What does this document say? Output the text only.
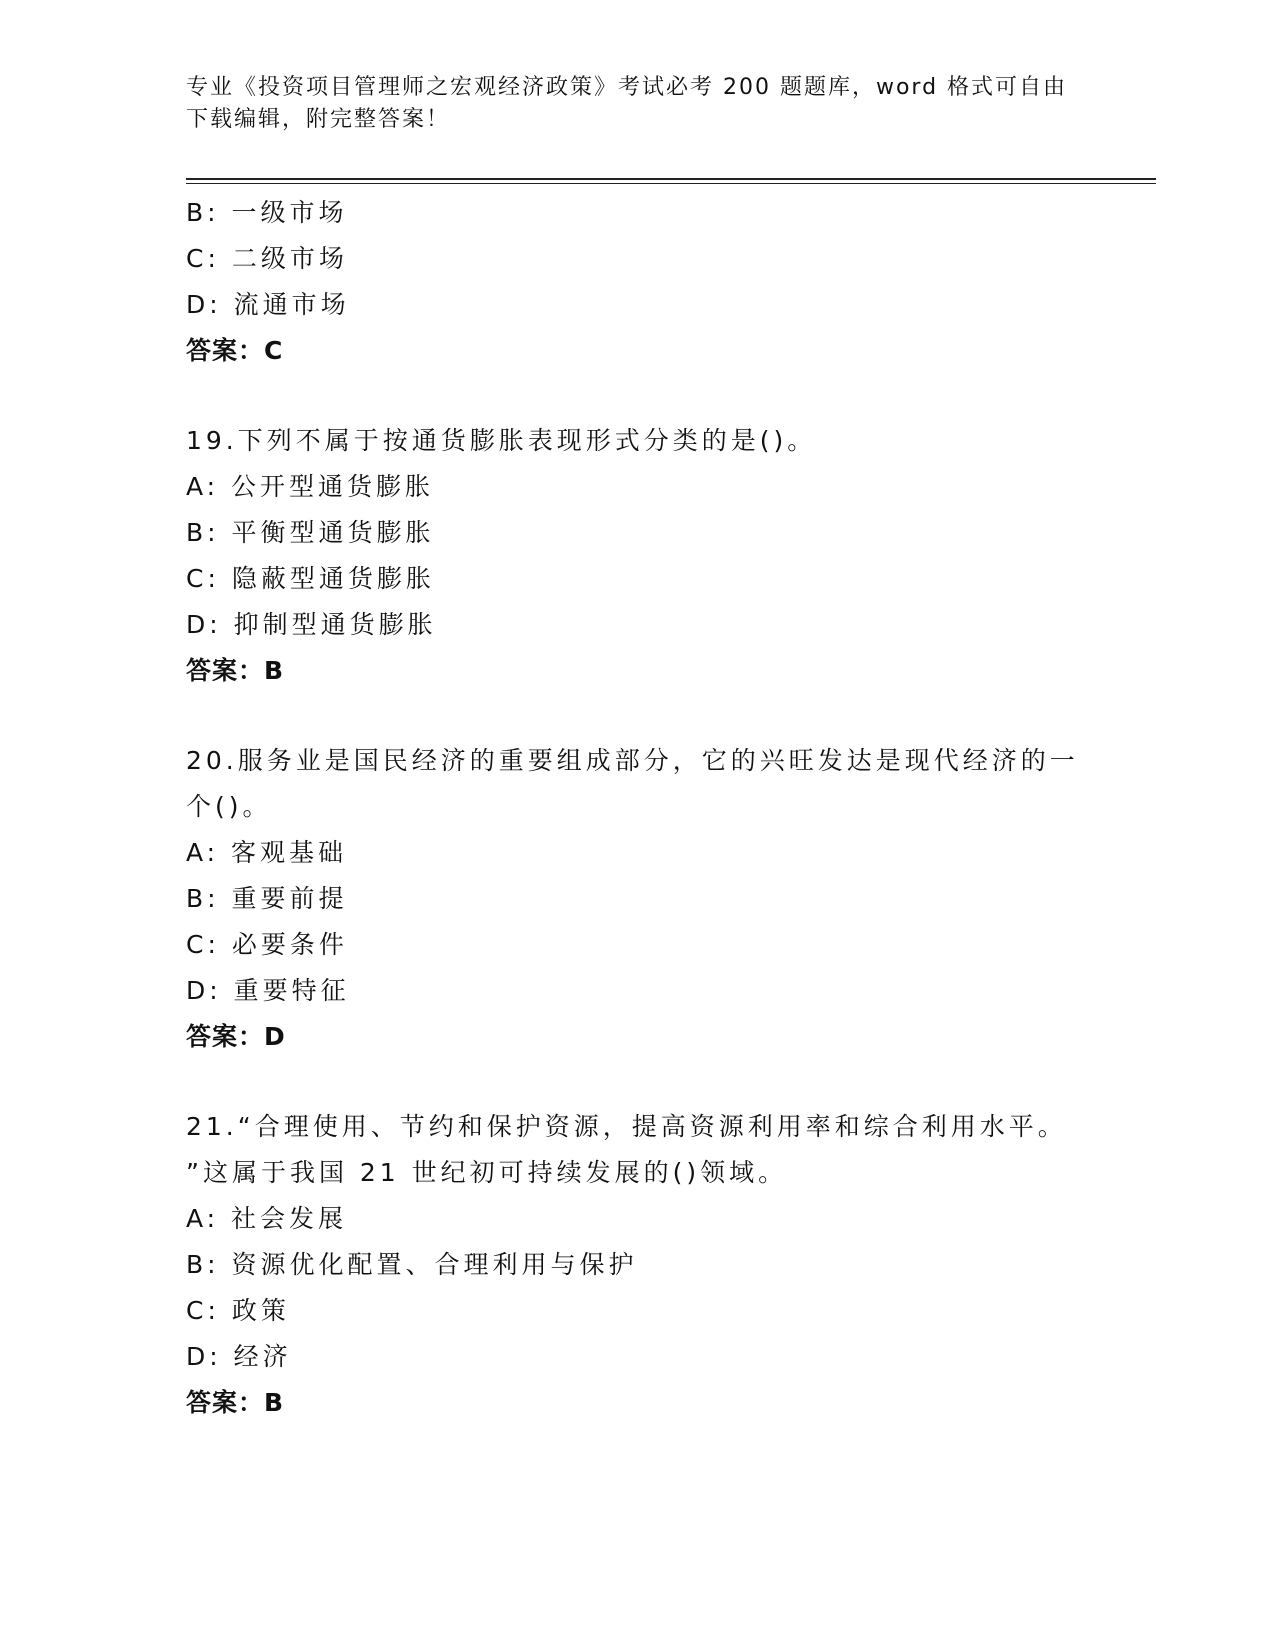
专业《投资项目管理师之宏观经济政策》考试必考 200 题题库，word 格式可自由
下载编辑，附完整答案！
B: 一级市场
C: 二级市场
D: 流通市场
答案：C
19.下列不属于按通货膨胀表现形式分类的是()。
A: 公开型通货膨胀
B: 平衡型通货膨胀
C: 隐蔽型通货膨胀
D: 抑制型通货膨胀
答案：B
20.服务业是国民经济的重要组成部分，它的兴旺发达是现代经济的一
个()。
A: 客观基础
B: 重要前提
C: 必要条件
D: 重要特征
答案：D
21.“合理使用、节约和保护资源，提高资源利用率和综合利用水平。
”这属于我国 21 世纪初可持续发展的()领域。
A: 社会发展
B: 资源优化配置、合理利用与保护
C: 政策
D: 经济
答案：B
